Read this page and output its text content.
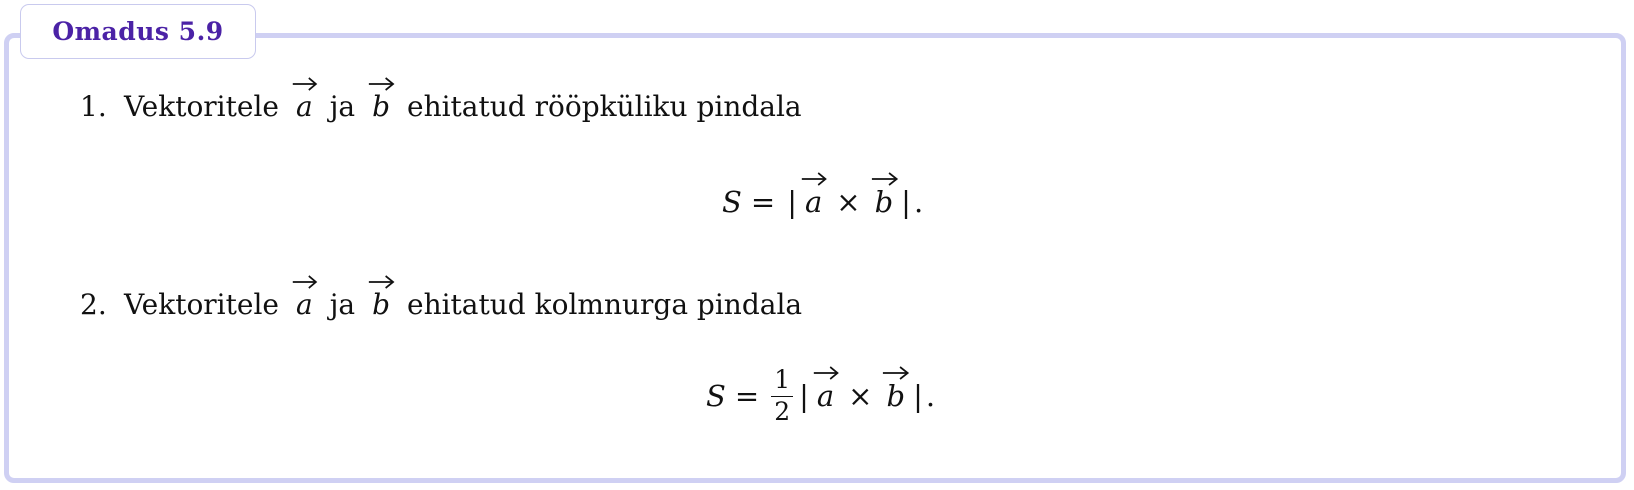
Omadus 5.9
1. Vektoritele a ja b ehitatud rööpküliku pindala
S = | a × b | .
2. Vektoritele a ja b ehitatud kolmnurga pindala
$S = \frac{1}{2}$ | a × b | .
